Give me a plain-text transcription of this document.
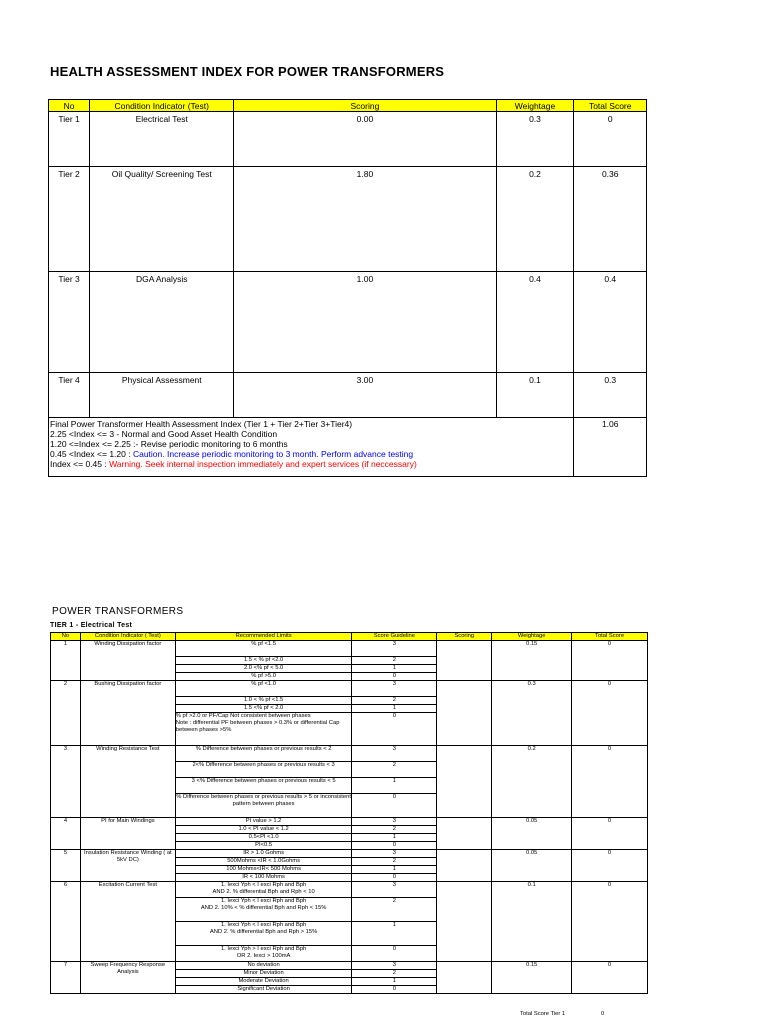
HEALTH ASSESSMENT INDEX FOR POWER TRANSFORMERS
No	Condition Indicator (Test)	Scoring	Weightage	Total Score
Tier 1	Electrical Test	0.00	0.3	0
Tier 2	Oil Quality/ Screening Test	1.80	0.2	0.36
Tier 3	DGA Analysis	1.00	0.4	0.4
Tier 4	Physical Assessment	3.00	0.1	0.3

Final Power Transformer Health Assessment Index (Tier 1 + Tier 2+Tier 3+Tier4)
2.25 <Index <= 3 - Normal and Good Asset Health Condition
1.20 <=Index <= 2.25 :- Revise periodic monitoring to 6 months
0.45 <Index <= 1.20 : Caution. Increase periodic monitoring to 3 month. Perform advance testing
Index <= 0.45 : Warning. Seek internal inspection immediately and expert services (if neccessary)				1.06
POWER TRANSFORMERS
TIER 1 - Electrical Test
No	Condition Indicator ( Test)	Recommended Limits	Score Guideline	Scoring	Weightage	Total Score
1	Winding Dissipation factor	% pf <1.5	3		0.15	0
		1.5 < % pf <2.0	2			
		2.0 <% pf < 5.0	1			
		% pf >5.0	0			
2	Bushing Dissipation factor	% pf <1.0	3		0.3	0
		1.0 < % pf <1.5	2			
		1.5 <% pf < 2.0	1			
		% pf >2.0 or PF/Cap Not consistent between phases
Note : differential PF between phases > 0.3% or differential Cap between phases >5%	0			
3	Winding Resistance Test	% Difference between phases or previous results < 2	3		0.2	0
		2<% Difference between phases or previous results < 3	2			
		3 <% Difference between phases or previous results < 5	1			
		% Difference between phases or previous results > 5 or inconsistent pattern between phases	0			
4	PI for Main Windings	PI value > 1.2	3		0.05	0
		1.0 < PI value < 1.2	2			
		0.5<PI <1.0	1			
		PI<0.5	0			
5	Insulation Resistance Winding ( at 5kV DC)	IR > 1.0 Gohms	3		0.05	0
		500Mohms <IR < 1.0Gohms	2			
		100 Mohms<IR< 500 Mohms	1			
		IR < 100 Mohms	0			
6	Excitation Current Test	1. Iexci Yph < I exci Rph and Bph
AND 2. % differential Bph and Rph < 10	3		0.1	0
		1. Iexci Yph < I exci Rph and Bph
AND 2. 10% < % differential Bph and Rph < 15%	2			
		1. Iexci Yph < I exci Rph and Bph
AND 2. % differential Bph and Rph > 15%	1			
		1. Iexci Yph > I exci Rph and Bph
OR 2. Iexci > 100mA	0			
7	Sweep Frequency Response Analysis	No deviation	3		0.15	0
		Minor Deviation	2			
		Moderate Deviation	1			
		Significant Deviation	0			
Total Score Tier 1	0
